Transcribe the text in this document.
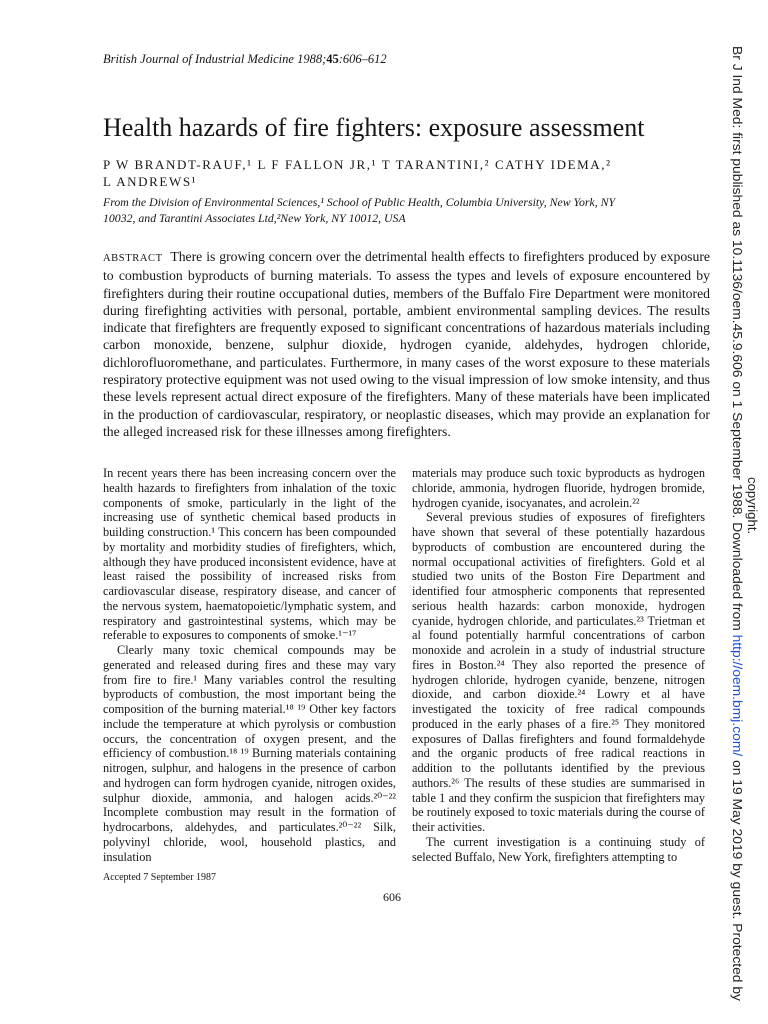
British Journal of Industrial Medicine 1988;45:606–612
Health hazards of fire fighters: exposure assessment
P W BRANDT-RAUF,¹ L F FALLON JR,¹ T TARANTINI,² CATHY IDEMA,²
L ANDREWS¹
From the Division of Environmental Sciences,¹ School of Public Health, Columbia University, New York, NY
10032, and Tarantini Associates Ltd,²New York, NY 10012, USA
ABSTRACT There is growing concern over the detrimental health effects to firefighters produced by exposure to combustion byproducts of burning materials. To assess the types and levels of exposure encountered by firefighters during their routine occupational duties, members of the Buffalo Fire Department were monitored during firefighting activities with personal, portable, ambient environmental sampling devices. The results indicate that firefighters are frequently exposed to significant concentrations of hazardous materials including carbon monoxide, benzene, sulphur dioxide, hydrogen cyanide, aldehydes, hydrogen chloride, dichlorofluoromethane, and particulates. Furthermore, in many cases of the worst exposure to these materials respiratory protective equipment was not used owing to the visual impression of low smoke intensity, and thus these levels represent actual direct exposure of the firefighters. Many of these materials have been implicated in the production of cardiovascular, respiratory, or neoplastic diseases, which may provide an explanation for the alleged increased risk for these illnesses among firefighters.

In recent years there has been increasing concern over the health hazards to firefighters from inhalation of the toxic components of smoke, particularly in the light of the increasing use of synthetic chemical based products in building construction.¹ This concern has been compounded by mortality and morbidity studies of firefighters, which, although they have produced inconsistent evidence, have at least raised the possibility of increased risks from cardiovascular disease, respiratory disease, and cancer of the nervous system, haematopoietic/lymphatic system, and respiratory and gastrointestinal systems, which may be referable to exposures to components of smoke.¹⁻¹⁷

Clearly many toxic chemical compounds may be generated and released during fires and these may vary from fire to fire.¹ Many variables control the resulting byproducts of combustion, the most important being the composition of the burning material.¹⁸ ¹⁹ Other key factors include the temperature at which pyrolysis or combustion occurs, the concentration of oxygen present, and the efficiency of combustion.¹⁸ ¹⁹ Burning materials containing nitrogen, sulphur, and halogens in the presence of carbon and hydrogen can form hydrogen cyanide, nitrogen oxides, sulphur dioxide, ammonia, and halogen acids.²⁰⁻²² Incomplete combustion may result in the formation of hydrocarbons, aldehydes, and particulates.²⁰⁻²² Silk, polyvinyl chloride, wool, household plastics, and insulation

materials may produce such toxic byproducts as hydrogen chloride, ammonia, hydrogen fluoride, hydrogen bromide, hydrogen cyanide, isocyanates, and acrolein.²²

Several previous studies of exposures of firefighters have shown that several of these potentially hazardous byproducts of combustion are encountered during the normal occupational activities of firefighters. Gold et al studied two units of the Boston Fire Department and identified four atmospheric components that represented serious health hazards: carbon monoxide, hydrogen cyanide, hydrogen chloride, and particulates.²³ Trietman et al found potentially harmful concentrations of carbon monoxide and acrolein in a study of industrial structure fires in Boston.²⁴ They also reported the presence of hydrogen chloride, hydrogen cyanide, benzene, nitrogen dioxide, and carbon dioxide.²⁴ Lowry et al have investigated the toxicity of free radical compounds produced in the early phases of a fire.²⁵ They monitored exposures of Dallas firefighters and found formaldehyde and the organic products of free radical reactions in addition to the pollutants identified by the previous authors.²⁶ The results of these studies are summarised in table 1 and they confirm the suspicion that firefighters may be routinely exposed to toxic materials during the course of their activities.

The current investigation is a continuing study of selected Buffalo, New York, firefighters attempting to

Accepted 7 September 1987
606
Br J Ind Med: first published as 10.1136/oem.45.9.606 on 1 September 1988. Downloaded from http://oem.bmj.com/ on 19 May 2019 by guest. Protected by
copyright.
